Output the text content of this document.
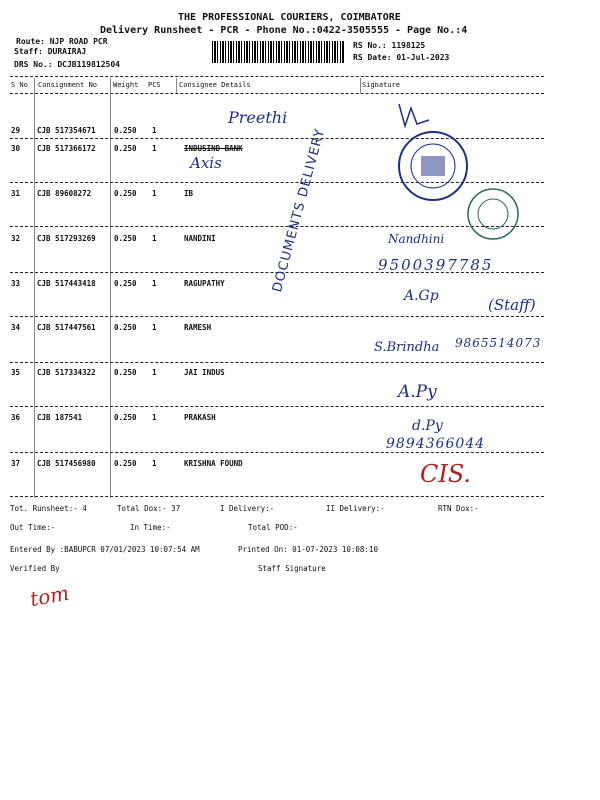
THE PROFESSIONAL COURIERS, COIMBATORE
Delivery Runsheet - PCR - Phone No.:0422-3505555 - Page No.:4
Route: NJP ROAD PCR
Staff: DURAIRAJ
DRS No.: DCJB119812504
RS No.: 1198125
RS Date: 01-Jul-2023
S No Consignment No Weight PCS	Consignee Details	Signature
29 CJB 517354671 0.250 1
30 CJB 517366172 0.250 1	INDUSIND BANK
31 CJB 89608272	0.250 1	IB
32 CJB 517293269 0.250 1	NANDINI
33 CJB 517443418 0.250 1	RAGUPATHY
34 CJB 517447561 0.250 1	RAMESH
35 CJB 517334322 0.250 1	JAI INDUS
36 CJB 187541	0.250 1	PRAKASH
37 CJB 517456980 0.250 1	KRISHNA FOUND
Preethi
Axis	DOCUMENTS DELIVERY	Nandhini
9500397785
A.Gp	(Staff)
S.Brindha 9865514073
A.Py
d.Py
9894366044
CIS.
Tot. Runsheet:- 4	Total Dox:- 37	I Delivery:-	II Delivery:-	RTN Dox:-
Out Time:-	In Time:-	Total POD:-
Entered By :BABUPCR 07/01/2023 10:07:54 AM	Printed On: 01-07-2023 10:08:10
Verified By	Staff Signature
tom
